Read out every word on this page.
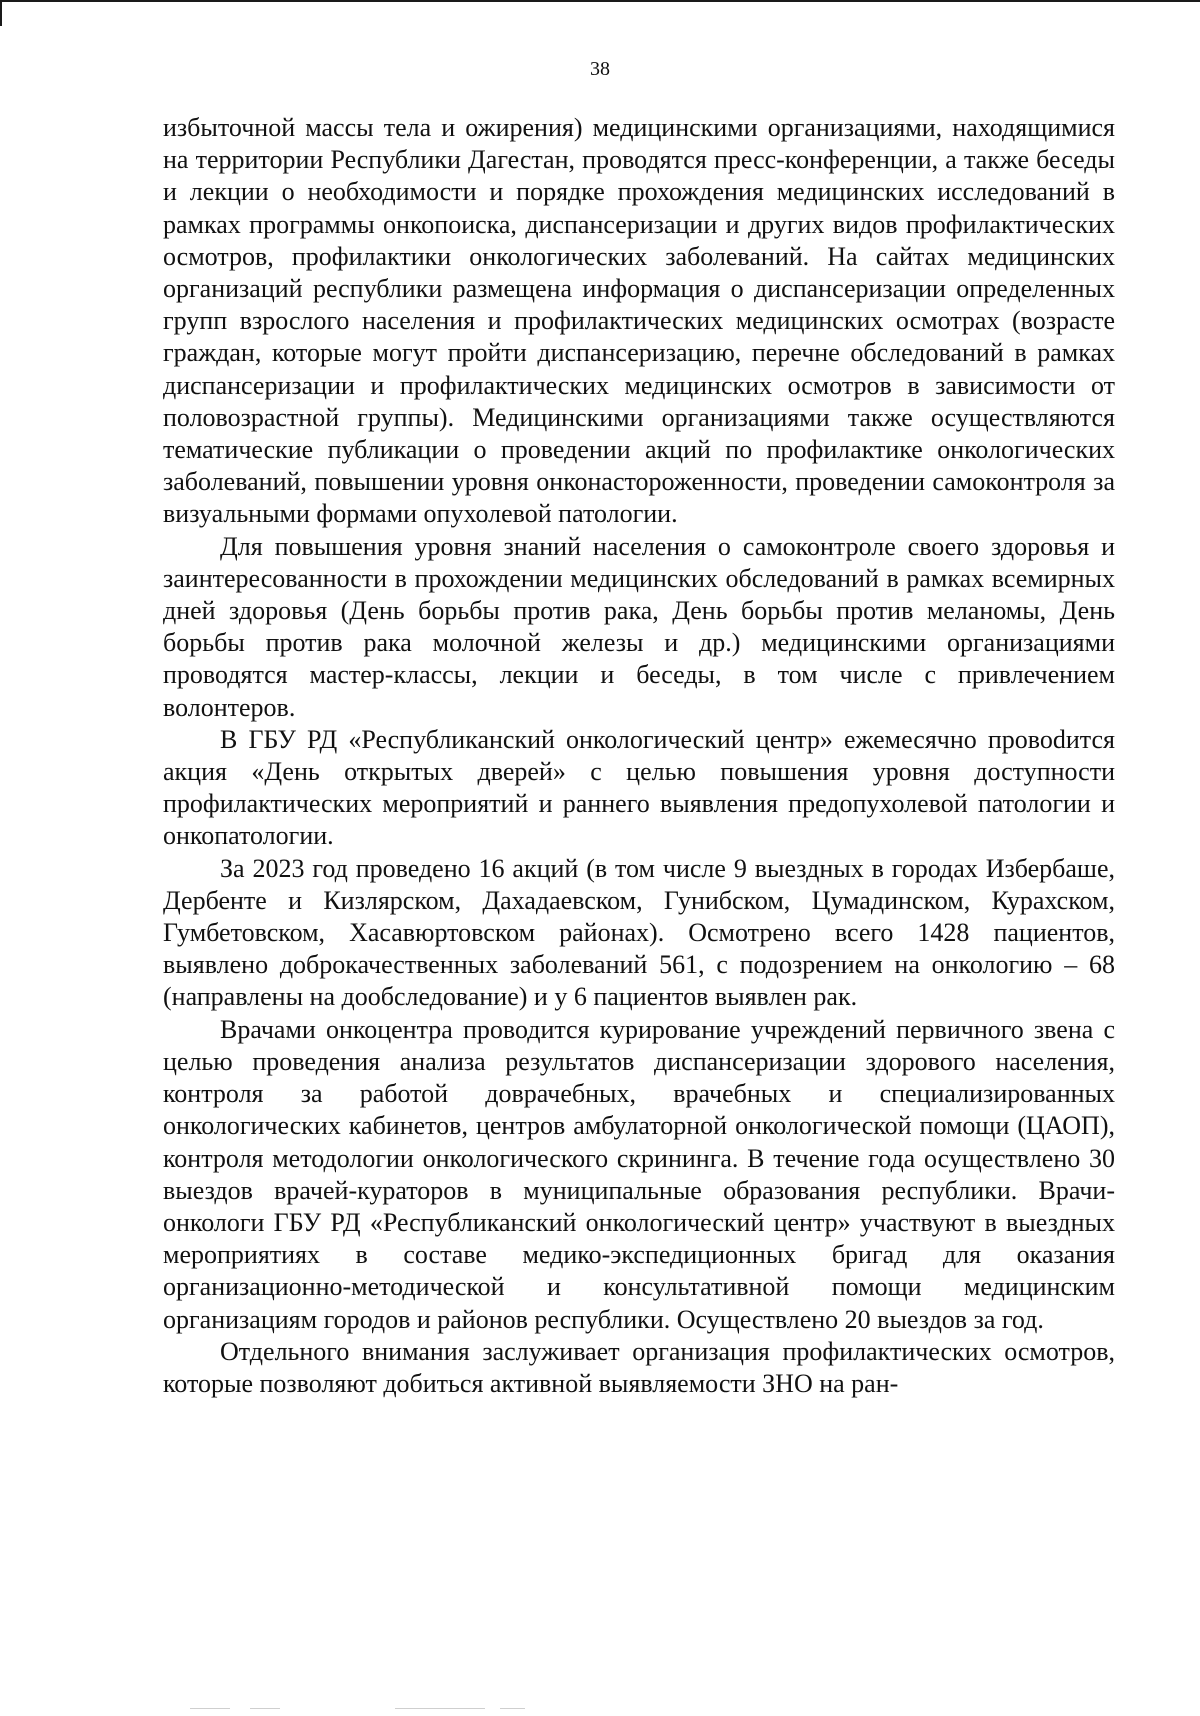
38

избыточной массы тела и ожирения) медицинскими организациями, находящимися на территории Республики Дагестан, проводятся пресс-конференции, а также беседы и лекции о необходимости и порядке прохождения медицинских исследований в рамках программы онкопоиска, диспансеризации и других видов профилактических осмотров, профилактики онкологических заболеваний. На сайтах медицинских организаций республики размещена информация о диспансеризации определенных групп взрослого населения и профилактических медицинских осмотрах (возрасте граждан, которые могут пройти диспансеризацию, перечне обследований в рамках диспансеризации и профилактических медицинских осмотров в зависимости от половозрастной группы). Медицинскими организациями также осуществляются тематические публикации о проведении акций по профилактике онкологических заболеваний, повышении уровня онконастороженности, проведении самоконтроля за визуальными формами опухолевой патологии.

Для повышения уровня знаний населения о самоконтроле своего здоровья и заинтересованности в прохождении медицинских обследований в рамках всемирных дней здоровья (День борьбы против рака, День борьбы против меланомы, День борьбы против рака молочной железы и др.) медицинскими организациями проводятся мастер-классы, лекции и беседы, в том числе с привлечением волонтеров.

В ГБУ РД «Республиканский онкологический центр» ежемесячно провоdится акция «День открытых дверей» с целью повышения уровня доступности профилактических мероприятий и раннего выявления предопухолевой патологии и онкопатологии.

За 2023 год проведено 16 акций (в том числе 9 выездных в городах Избербаше, Дербенте и Кизлярском, Дахадаевском, Гунибском, Цумадинском, Курахском, Гумбетовском, Хасавюртовском районах). Осмотрено всего 1428 пациентов, выявлено доброкачественных заболеваний 561, с подозрением на онкологию – 68 (направлены на дообследование) и у 6 пациентов выявлен рак.

Врачами онкоцентра проводится курирование учреждений первичного звена с целью проведения анализа результатов диспансеризации здорового населения, контроля за работой доврачебных, врачебных и специализированных онкологических кабинетов, центров амбулаторной онкологической помощи (ЦАОП), контроля методологии онкологического скрининга. В течение года осуществлено 30 выездов врачей-кураторов в муниципальные образования республики. Врачи-онкологи ГБУ РД «Республиканский онкологический центр» участвуют в выездных мероприятиях в составе медико-экспедиционных бригад для оказания организационно-методической и консультативной помощи медицинским организациям городов и районов республики. Осуществлено 20 выездов за год.

Отдельного внимания заслуживает организация профилактических осмотров, которые позволяют добиться активной выявляемости ЗНО на ран-
